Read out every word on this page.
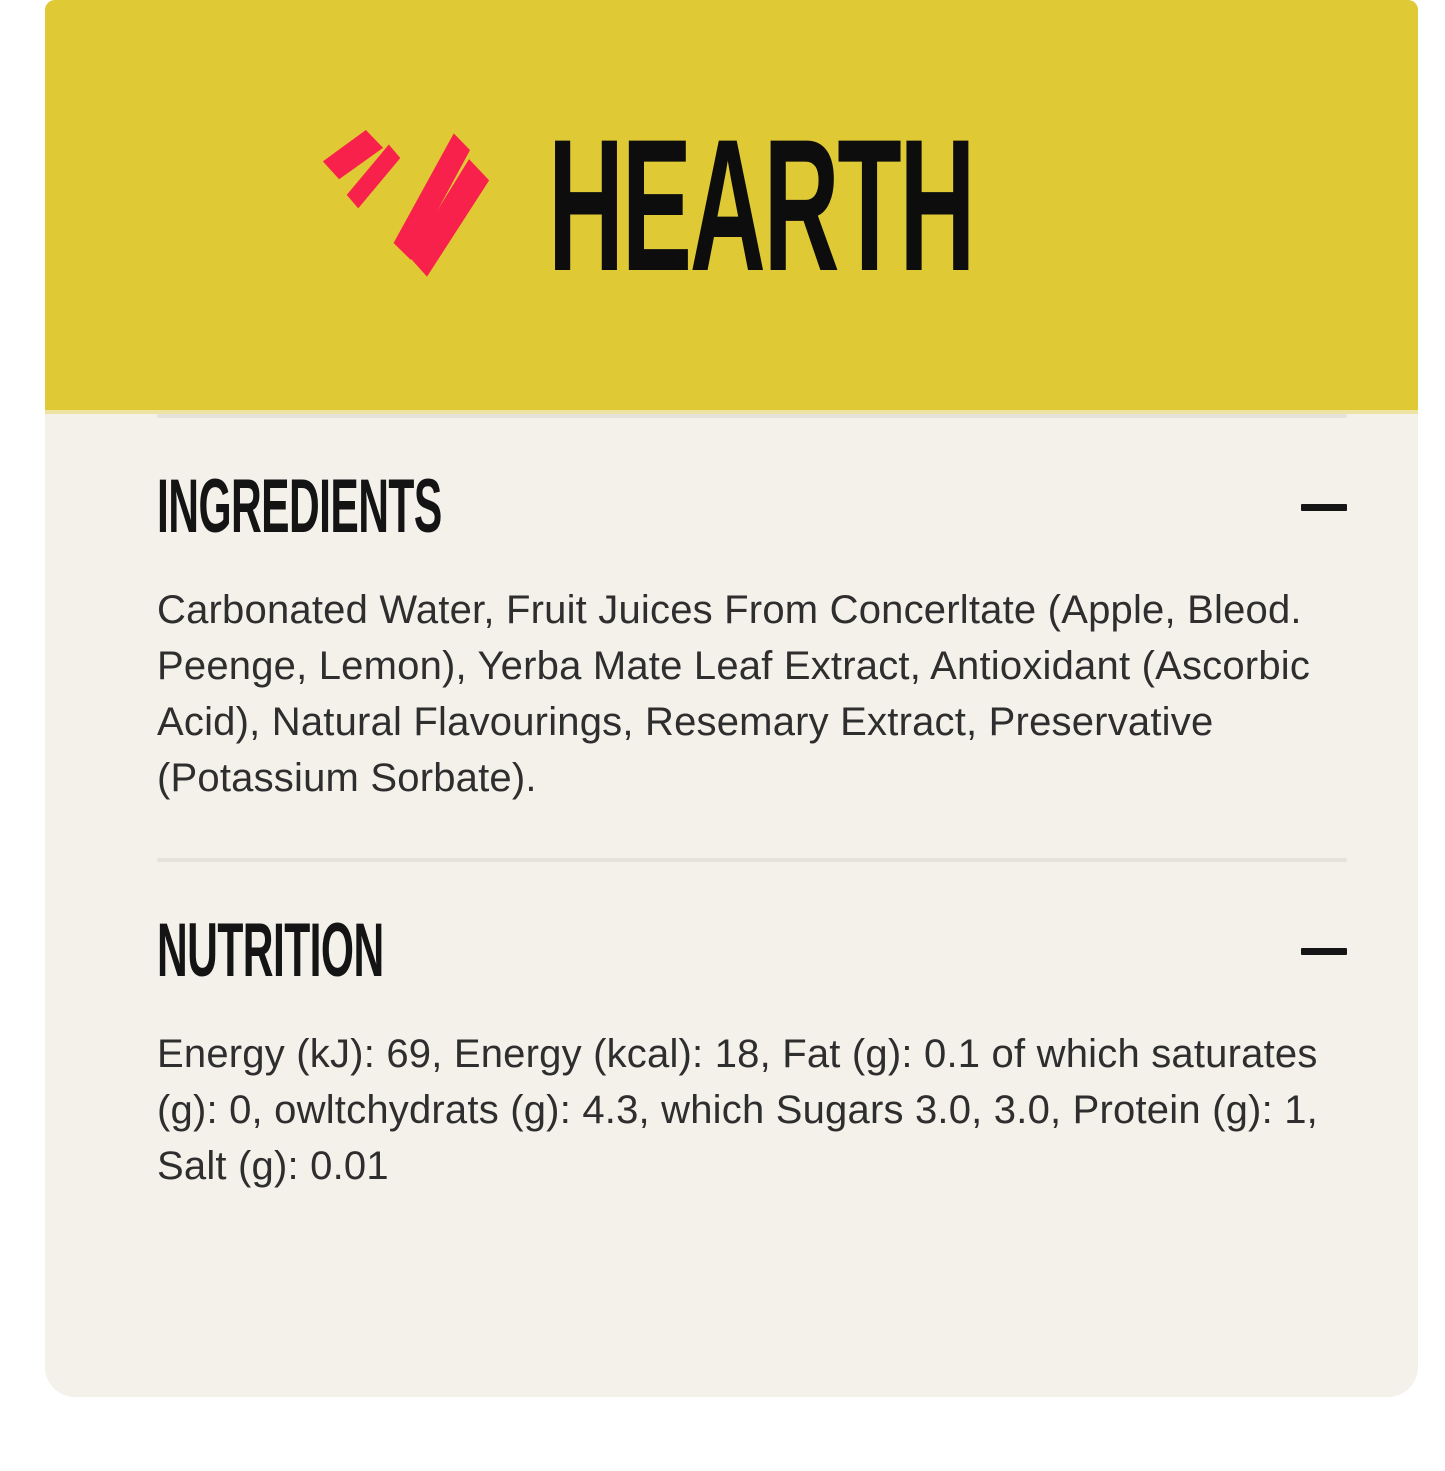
HEARTH
INGREDIENTS

Carbonated Water, Fruit Juices From Concerltate (Apple, Bleod. Peenge, Lemon), Yerba Mate Leaf Extract, Antioxidant (Ascorbic Acid), Natural Flavourings, Resemary Extract, Preservative (Potassium Sorbate).

NUTRITION

Energy (kJ): 69, Energy (kcal): 18, Fat (g): 0.1 of which saturates (g): 0, owltchydrats (g): 4.3, which Sugars 3.0, 3.0, Protein (g): 1, Salt (g): 0.01
